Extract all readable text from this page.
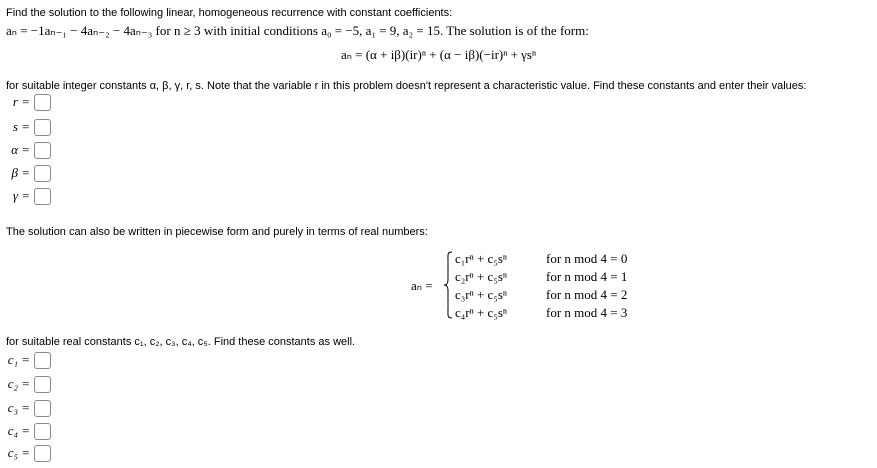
Find the solution to the following linear, homogeneous recurrence with constant coefficients:
aₙ = −1aₙ₋₁ − 4aₙ₋₂ − 4aₙ₋₃ for n ≥ 3 with initial conditions a₀ = −5, a₁ = 9, a₂ = 15. The solution is of the form:
aₙ = (α + iβ)(ir)ⁿ + (α − iβ)(−ir)ⁿ + γsⁿ
for suitable integer constants α, β, γ, r, s. Note that the variable r in this problem doesn't represent a characteristic value. Find these constants and enter their values:
r =
s =
α =
β =
γ =
The solution can also be written in piecewise form and purely in terms of real numbers:
aₙ =
c₁rⁿ + c₅sⁿ	for n mod 4 = 0
c₂rⁿ + c₅sⁿ	for n mod 4 = 1
c₃rⁿ + c₅sⁿ	for n mod 4 = 2
c₄rⁿ + c₅sⁿ	for n mod 4 = 3
for suitable real constants c₁, c₂, c₃, c₄, c₅. Find these constants as well.
c₁ =
c₂ =
c₃ =
c₄ =
c₅ =
